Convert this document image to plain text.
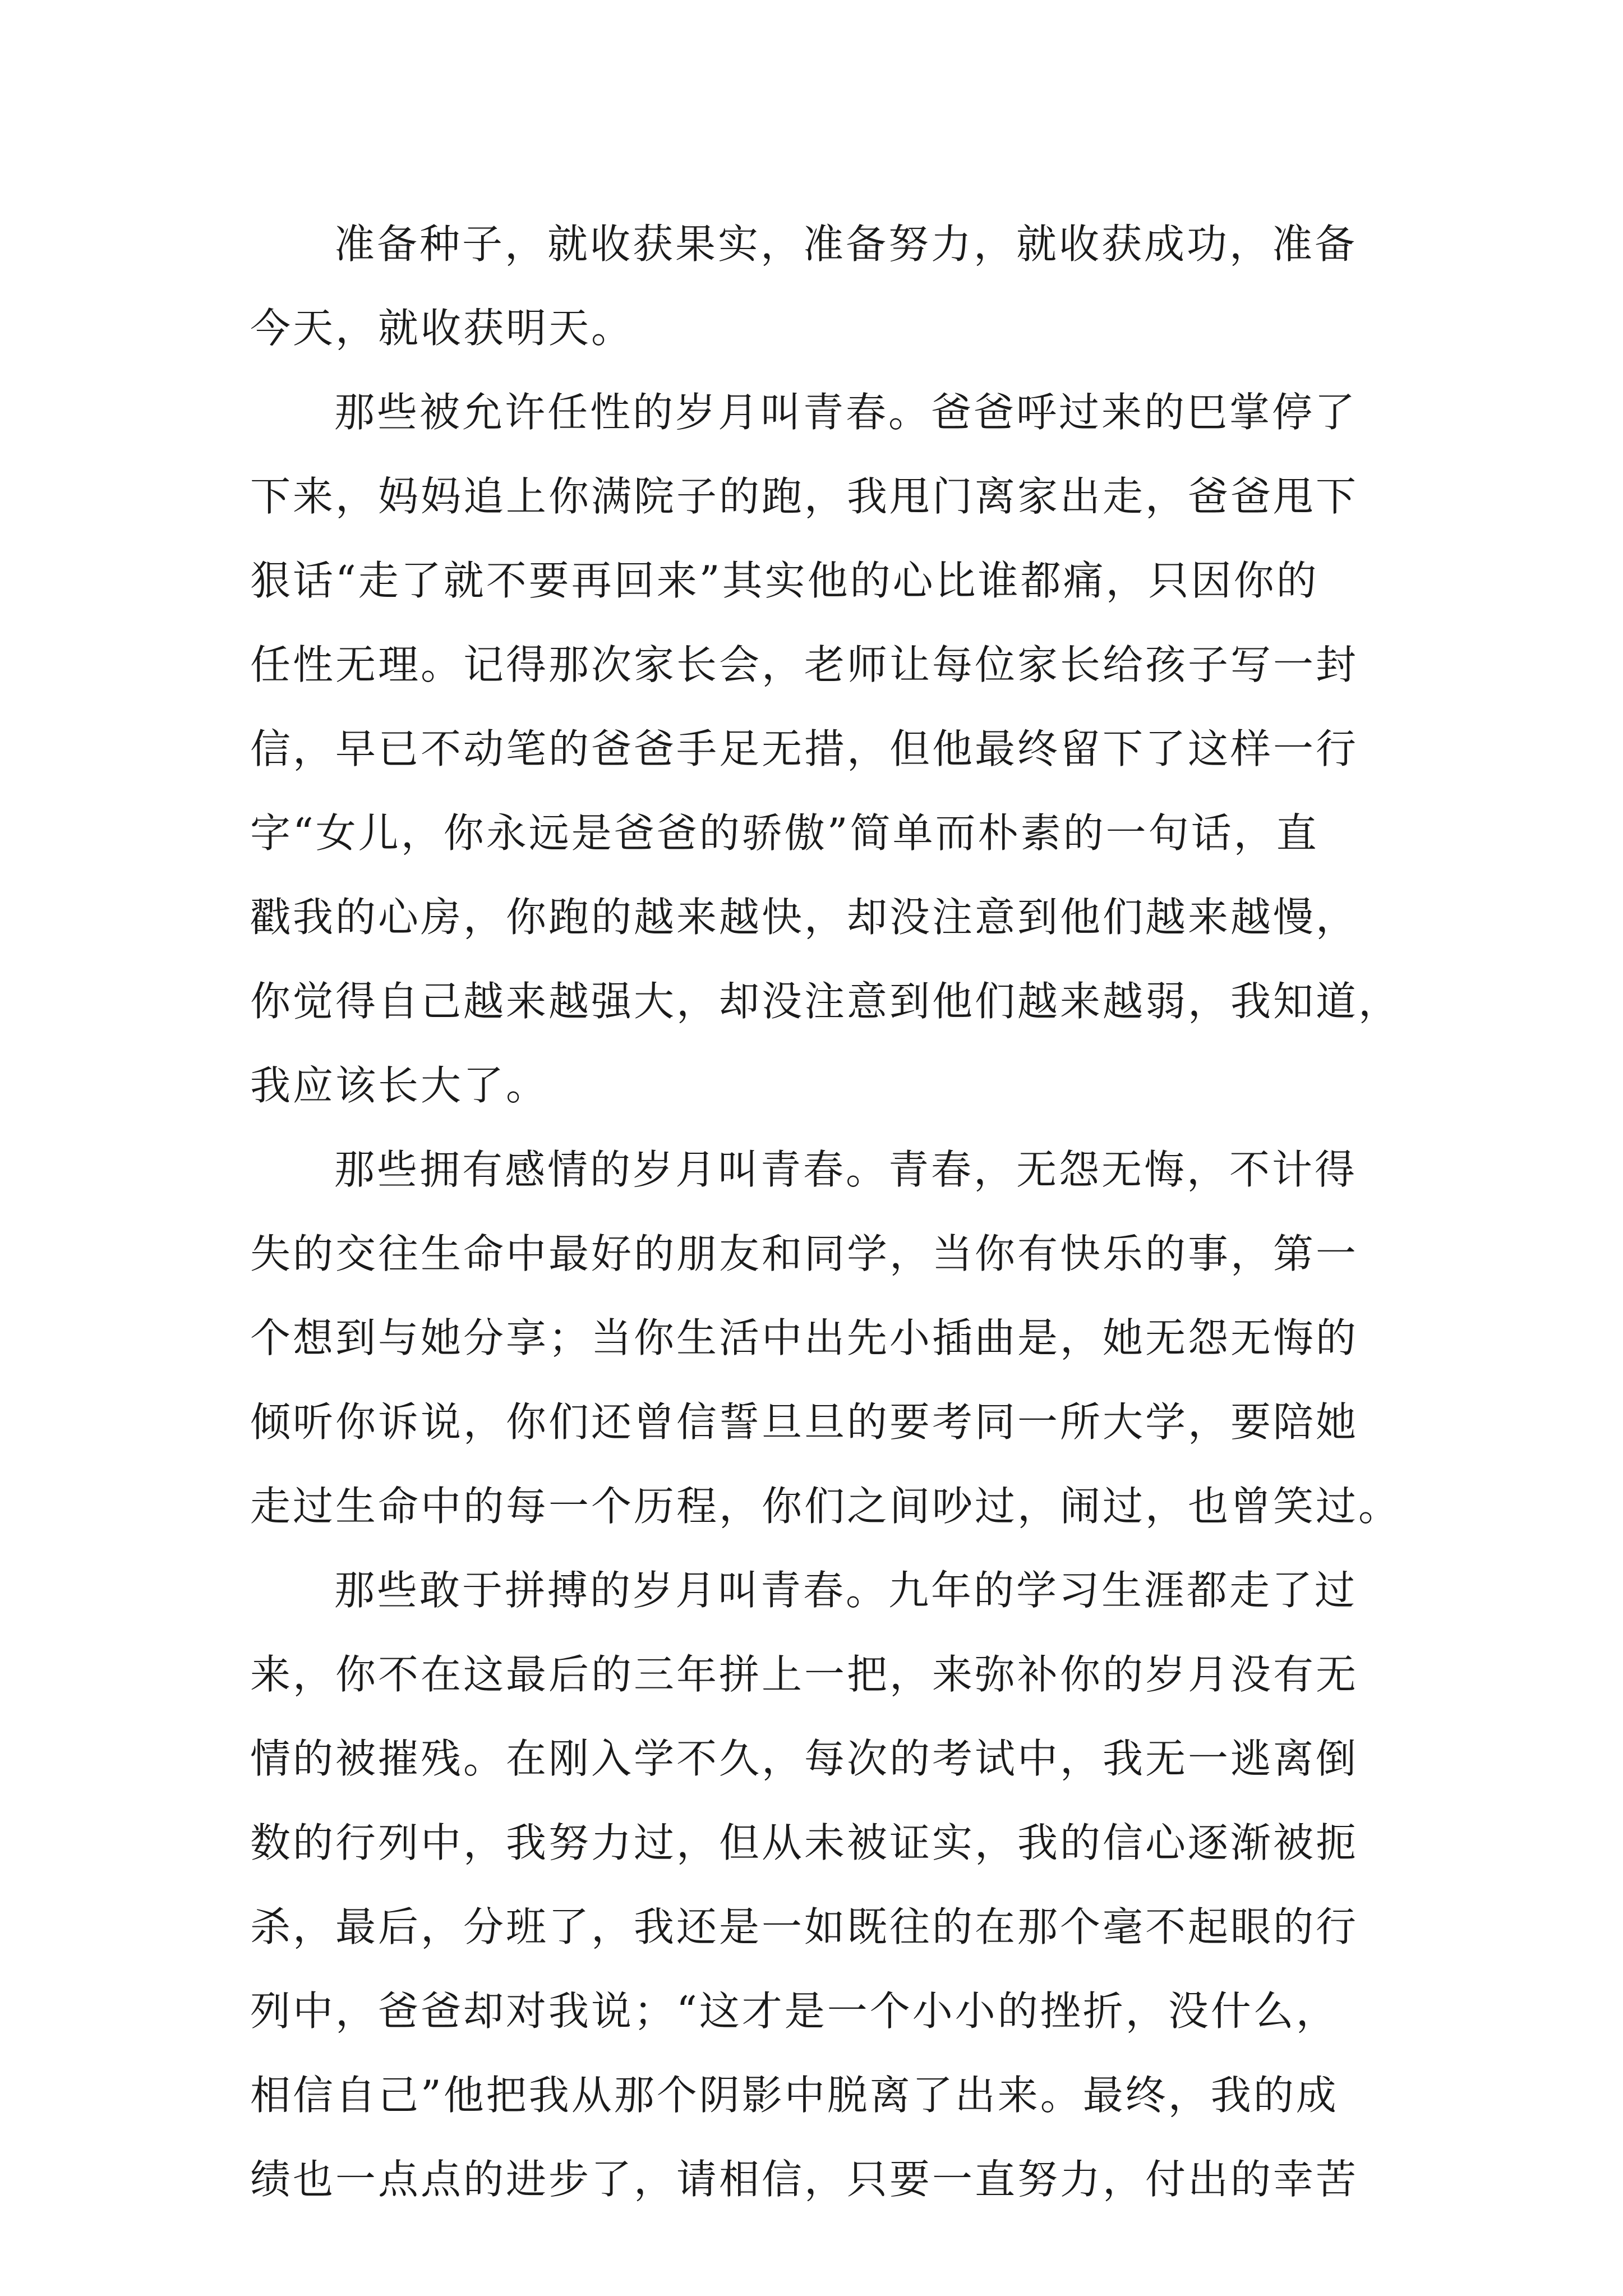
准备种子，就收获果实，准备努力，就收获成功，准备
今天，就收获明天。
那些被允许任性的岁月叫青春。爸爸呼过来的巴掌停了
下来，妈妈追上你满院子的跑，我甩门离家出走，爸爸甩下
狠话“走了就不要再回来”其实他的心比谁都痛，只因你的
任性无理。记得那次家长会，老师让每位家长给孩子写一封
信，早已不动笔的爸爸手足无措，但他最终留下了这样一行
字“女儿，你永远是爸爸的骄傲”简单而朴素的一句话，直
戳我的心房，你跑的越来越快，却没注意到他们越来越慢，
你觉得自己越来越强大，却没注意到他们越来越弱，我知道，
我应该长大了。
那些拥有感情的岁月叫青春。青春，无怨无悔，不计得
失的交往生命中最好的朋友和同学，当你有快乐的事，第一
个想到与她分享；当你生活中出先小插曲是，她无怨无悔的
倾听你诉说，你们还曾信誓旦旦的要考同一所大学，要陪她
走过生命中的每一个历程，你们之间吵过，闹过，也曾笑过。
那些敢于拼搏的岁月叫青春。九年的学习生涯都走了过
来，你不在这最后的三年拼上一把，来弥补你的岁月没有无
情的被摧残。在刚入学不久，每次的考试中，我无一逃离倒
数的行列中，我努力过，但从未被证实，我的信心逐渐被扼
杀，最后，分班了，我还是一如既往的在那个毫不起眼的行
列中，爸爸却对我说；“这才是一个小小的挫折，没什么，
相信自己”他把我从那个阴影中脱离了出来。最终，我的成
绩也一点点的进步了，请相信，只要一直努力，付出的幸苦
